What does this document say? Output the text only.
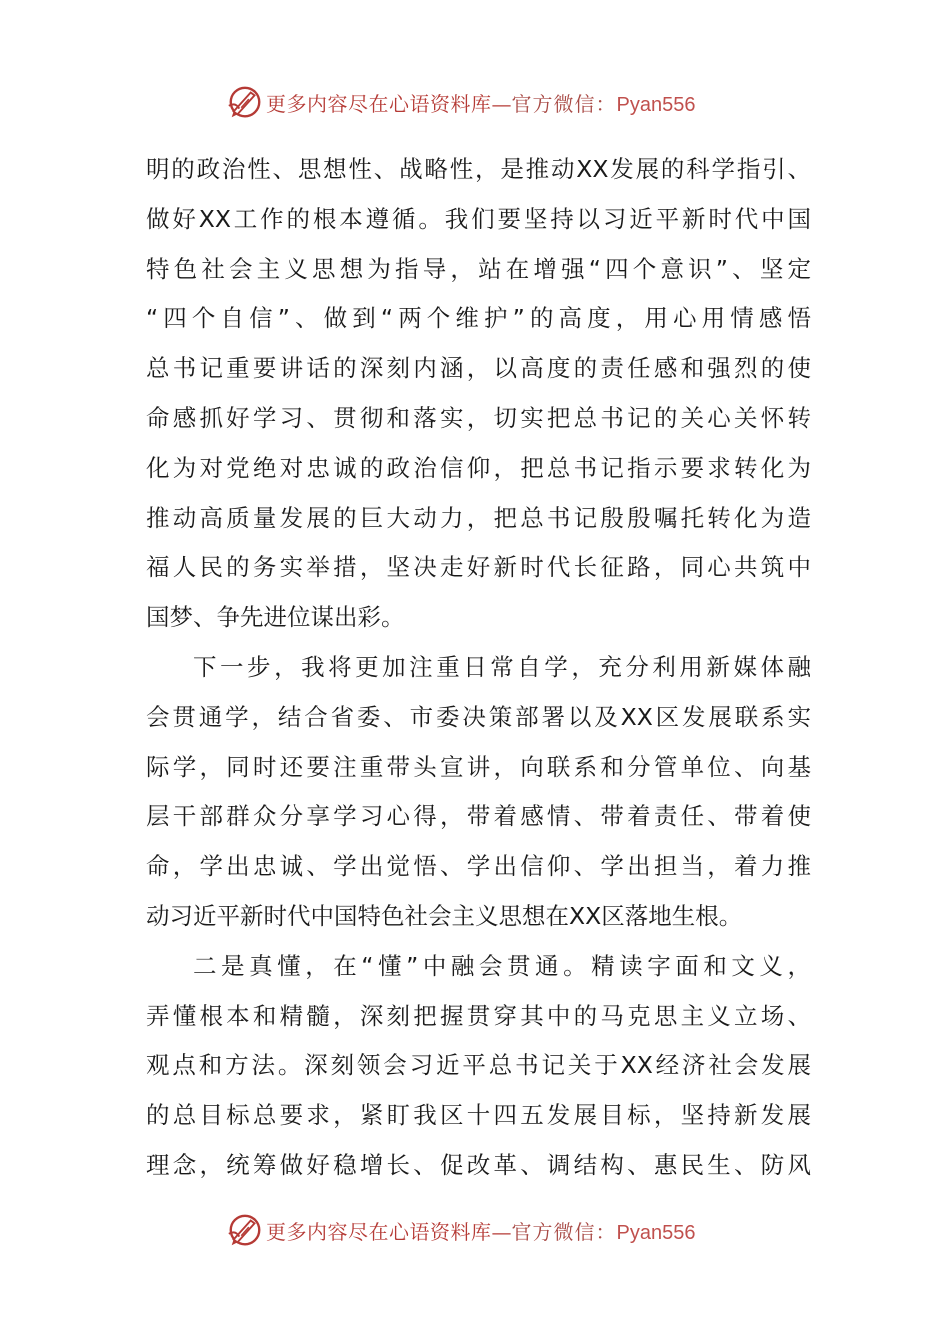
更多内容尽在心语资料库—官方微信：Pyan556
明的政治性、思想性、战略性，是推动XX发展的科学指引、
做好XX工作的根本遵循。我们要坚持以习近平新时代中国
特色社会主义思想为指导，站在增强“四个意识”、坚定
“四个自信”、做到“两个维护”的高度，用心用情感悟
总书记重要讲话的深刻内涵，以高度的责任感和强烈的使
命感抓好学习、贯彻和落实，切实把总书记的关心关怀转
化为对党绝对忠诚的政治信仰，把总书记指示要求转化为
推动高质量发展的巨大动力，把总书记殷殷嘱托转化为造
福人民的务实举措，坚决走好新时代长征路，同心共筑中
国梦、争先进位谋出彩。
下一步，我将更加注重日常自学，充分利用新媒体融
会贯通学，结合省委、市委决策部署以及XX区发展联系实
际学，同时还要注重带头宣讲，向联系和分管单位、向基
层干部群众分享学习心得，带着感情、带着责任、带着使
命，学出忠诚、学出觉悟、学出信仰、学出担当，着力推
动习近平新时代中国特色社会主义思想在XX区落地生根。
二是真懂，在“懂”中融会贯通。精读字面和文义，
弄懂根本和精髓，深刻把握贯穿其中的马克思主义立场、
观点和方法。深刻领会习近平总书记关于XX经济社会发展
的总目标总要求，紧盯我区十四五发展目标，坚持新发展
理念，统筹做好稳增长、促改革、调结构、惠民生、防风
更多内容尽在心语资料库—官方微信：Pyan556
